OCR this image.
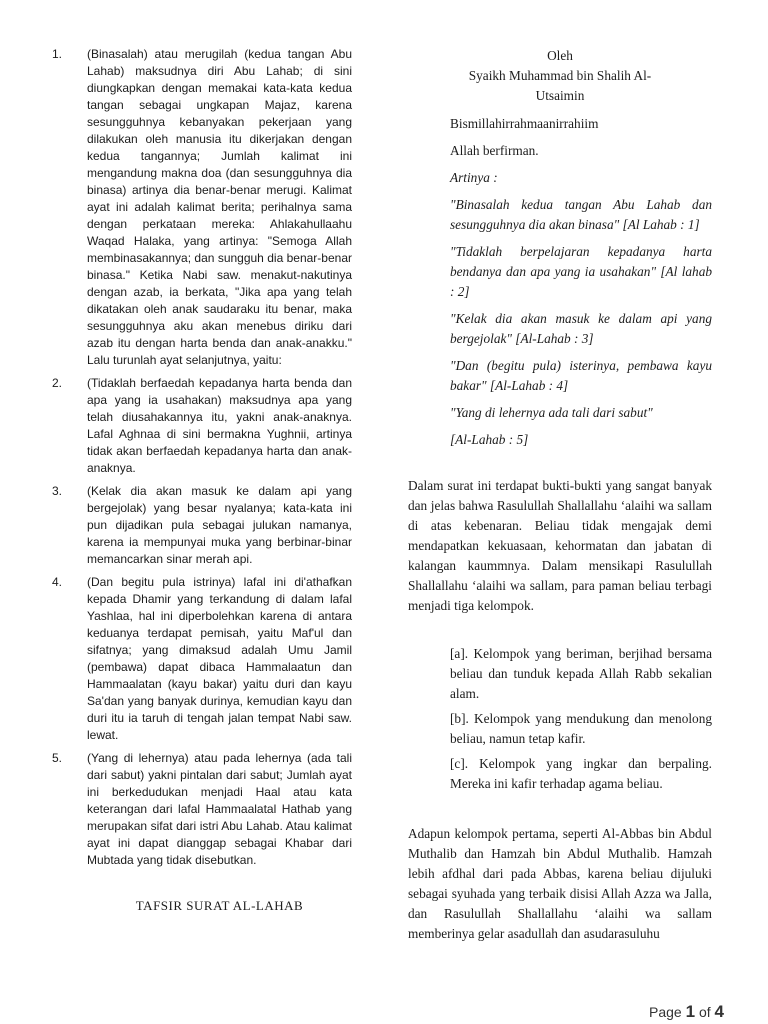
1. (Binasalah) atau merugilah (kedua tangan Abu Lahab) maksudnya diri Abu Lahab; di sini diungkapkan dengan memakai kata-kata kedua tangan sebagai ungkapan Majaz, karena sesungguhnya kebanyakan pekerjaan yang dilakukan oleh manusia itu dikerjakan dengan kedua tangannya; Jumlah kalimat ini mengandung makna doa (dan sesungguhnya dia binasa) artinya dia benar-benar merugi. Kalimat ayat ini adalah kalimat berita; perihalnya sama dengan perkataan mereka: Ahlakahullaahu Waqad Halaka, yang artinya: "Semoga Allah membinasakannya; dan sungguh dia benar-benar binasa." Ketika Nabi saw. menakut-nakutinya dengan azab, ia berkata, "Jika apa yang telah dikatakan oleh anak saudaraku itu benar, maka sesungguhnya aku akan menebus diriku dari azab itu dengan harta benda dan anak-anakku." Lalu turunlah ayat selanjutnya, yaitu:
2. (Tidaklah berfaedah kepadanya harta benda dan apa yang ia usahakan) maksudnya apa yang telah diusahakannya itu, yakni anak-anaknya. Lafal Aghnaa di sini bermakna Yughnii, artinya tidak akan berfaedah kepadanya harta dan anak-anaknya.
3. (Kelak dia akan masuk ke dalam api yang bergejolak) yang besar nyalanya; kata-kata ini pun dijadikan pula sebagai julukan namanya, karena ia mempunyai muka yang berbinar-binar memancarkan sinar merah api.
4. (Dan begitu pula istrinya) lafal ini di'athafkan kepada Dhamir yang terkandung di dalam lafal Yashlaa, hal ini diperbolehkan karena di antara keduanya terdapat pemisah, yaitu Maf'ul dan sifatnya; yang dimaksud adalah Umu Jamil (pembawa) dapat dibaca Hammalaatun dan Hammaalatan (kayu bakar) yaitu duri dan kayu Sa'dan yang banyak durinya, kemudian kayu dan duri itu ia taruh di tengah jalan tempat Nabi saw. lewat.
5. (Yang di lehernya) atau pada lehernya (ada tali dari sabut) yakni pintalan dari sabut; Jumlah ayat ini berkedudukan menjadi Haal atau kata keterangan dari lafal Hammaalatal Hathab yang merupakan sifat dari istri Abu Lahab. Atau kalimat ayat ini dapat dianggap sebagai Khabar dari Mubtada yang tidak disebutkan.
TAFSIR SURAT AL-LAHAB
Oleh
Syaikh Muhammad bin Shalih Al-
Utsaimin

Bismillahirrahmaanirrahiim

Allah berfirman.

Artinya :

"Binasalah kedua tangan Abu Lahab dan sesungguhnya dia akan binasa" [Al Lahab : 1]

"Tidaklah berpelajaran kepadanya harta bendanya dan apa yang ia usahakan" [Al lahab : 2]

"Kelak dia akan masuk ke dalam api yang bergejolak" [Al-Lahab : 3]

"Dan (begitu pula) isterinya, pembawa kayu bakar" [Al-Lahab : 4]

"Yang di lehernya ada tali dari sabut"

[Al-Lahab : 5]

Dalam surat ini terdapat bukti-bukti yang sangat banyak dan jelas bahwa Rasulullah Shallallahu ‘alaihi wa sallam di atas kebenaran. Beliau tidak mengajak demi mendapatkan kekuasaan, kehormatan dan jabatan di kalangan kaummnya. Dalam mensikapi Rasulullah Shallallahu ‘alaihi wa sallam, para paman beliau terbagi menjadi tiga kelompok.

[a]. Kelompok yang beriman, berjihad bersama beliau dan tunduk kepada Allah Rabb sekalian alam.

[b]. Kelompok yang mendukung dan menolong beliau, namun tetap kafir.

[c]. Kelompok yang ingkar dan berpaling. Mereka ini kafir terhadap agama beliau.

Adapun kelompok pertama, seperti Al-Abbas bin Abdul Muthalib dan Hamzah bin Abdul Muthalib. Hamzah lebih afdhal dari pada Abbas, karena beliau dijuluki sebagai syuhada yang terbaik disisi Allah Azza wa Jalla, dan Rasulullah Shallallahu ‘alaihi wa sallam memberinya gelar asadullah dan asudarasuluhu

Page 1 of 4
